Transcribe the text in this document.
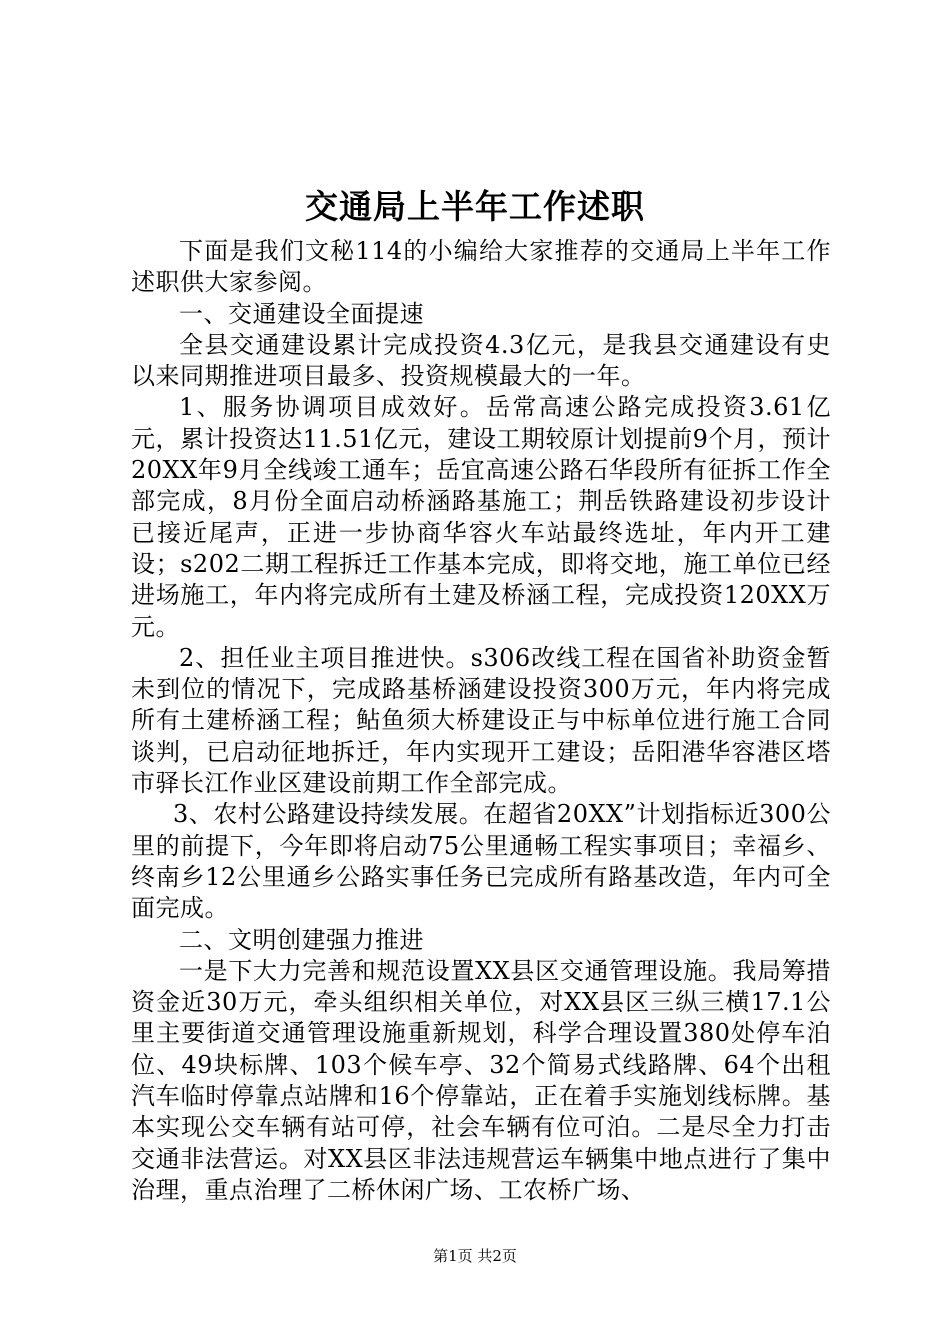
交通局上半年工作述职

下面是我们文秘114的小编给大家推荐的交通局上半年工作述职供大家参阅。

一、交通建设全面提速

全县交通建设累计完成投资4.3亿元，是我县交通建设有史以来同期推进项目最多、投资规模最大的一年。

1、服务协调项目成效好。岳常高速公路完成投资3.61亿元，累计投资达11.51亿元，建设工期较原计划提前9个月，预计20XX年9月全线竣工通车；岳宜高速公路石华段所有征拆工作全部完成，8月份全面启动桥涵路基施工；荆岳铁路建设初步设计已接近尾声，正进一步协商华容火车站最终选址，年内开工建设；s202二期工程拆迁工作基本完成，即将交地，施工单位已经进场施工，年内将完成所有土建及桥涵工程，完成投资120XX万元。

2、担任业主项目推进快。s306改线工程在国省补助资金暂未到位的情况下，完成路基桥涵建设投资300万元，年内将完成所有土建桥涵工程；鲇鱼须大桥建设正与中标单位进行施工合同谈判，已启动征地拆迁，年内实现开工建设；岳阳港华容港区塔市驿长江作业区建设前期工作全部完成。

3、农村公路建设持续发展。在超省20XX”计划指标近300公里的前提下，今年即将启动75公里通畅工程实事项目；幸福乡、终南乡12公里通乡公路实事任务已完成所有路基改造，年内可全面完成。

二、文明创建强力推进

一是下大力完善和规范设置XX县区交通管理设施。我局筹措资金近30万元，牵头组织相关单位，对XX县区三纵三横17.1公里主要街道交通管理设施重新规划，科学合理设置380处停车泊位、49块标牌、103个候车亭、32个简易式线路牌、64个出租汽车临时停靠点站牌和16个停靠站，正在着手实施划线标牌。基本实现公交车辆有站可停，社会车辆有位可泊。二是尽全力打击交通非法营运。对XX县区非法违规营运车辆集中地点进行了集中治理，重点治理了二桥休闲广场、工农桥广场、

第1页 共2页
